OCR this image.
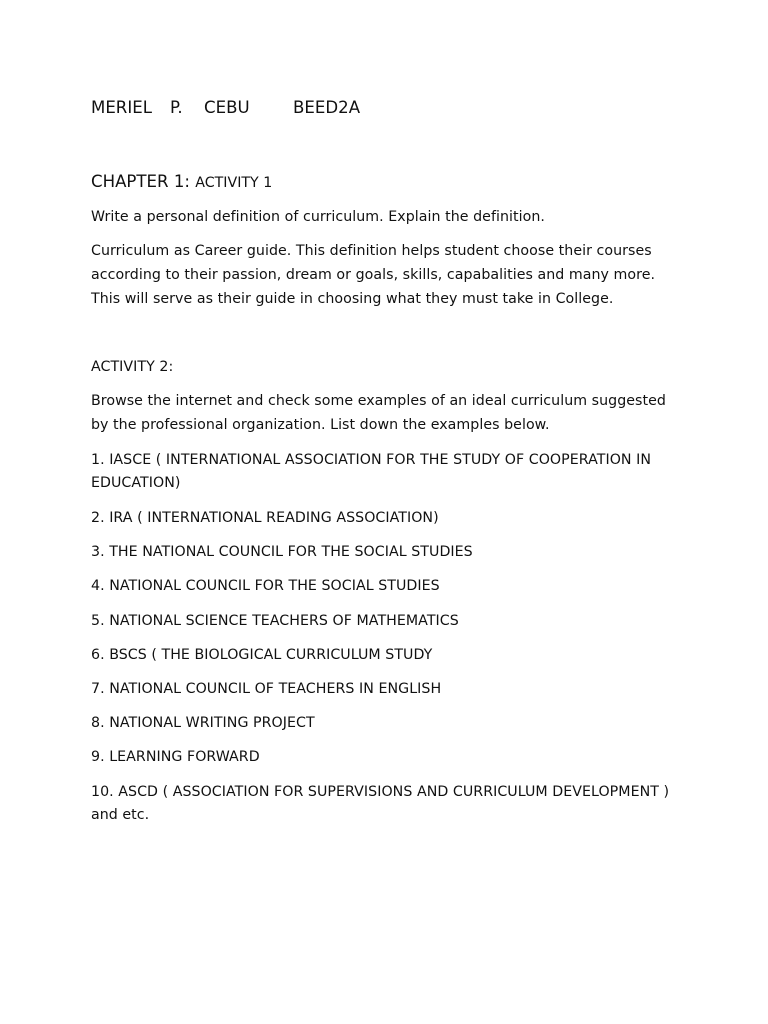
MERIEL P. CEBU	BEED2A
CHAPTER 1: ACTIVITY 1
Write a personal definition of curriculum. Explain the definition.
Curriculum as Career guide. This definition helps student choose their courses
according to their passion, dream or goals, skills, capabalities and many more.
This will serve as their guide in choosing what they must take in College.
ACTIVITY 2:
Browse the internet and check some examples of an ideal curriculum suggested
by the professional organization. List down the examples below.
1. IASCE ( INTERNATIONAL ASSOCIATION FOR THE STUDY OF COOPERATION IN
EDUCATION)
2. IRA ( INTERNATIONAL READING ASSOCIATION)
3. THE NATIONAL COUNCIL FOR THE SOCIAL STUDIES
4. NATIONAL COUNCIL FOR THE SOCIAL STUDIES
5. NATIONAL SCIENCE TEACHERS OF MATHEMATICS
6. BSCS ( THE BIOLOGICAL CURRICULUM STUDY
7. NATIONAL COUNCIL OF TEACHERS IN ENGLISH
8. NATIONAL WRITING PROJECT
9. LEARNING FORWARD
10. ASCD ( ASSOCIATION FOR SUPERVISIONS AND CURRICULUM DEVELOPMENT )
and etc.
